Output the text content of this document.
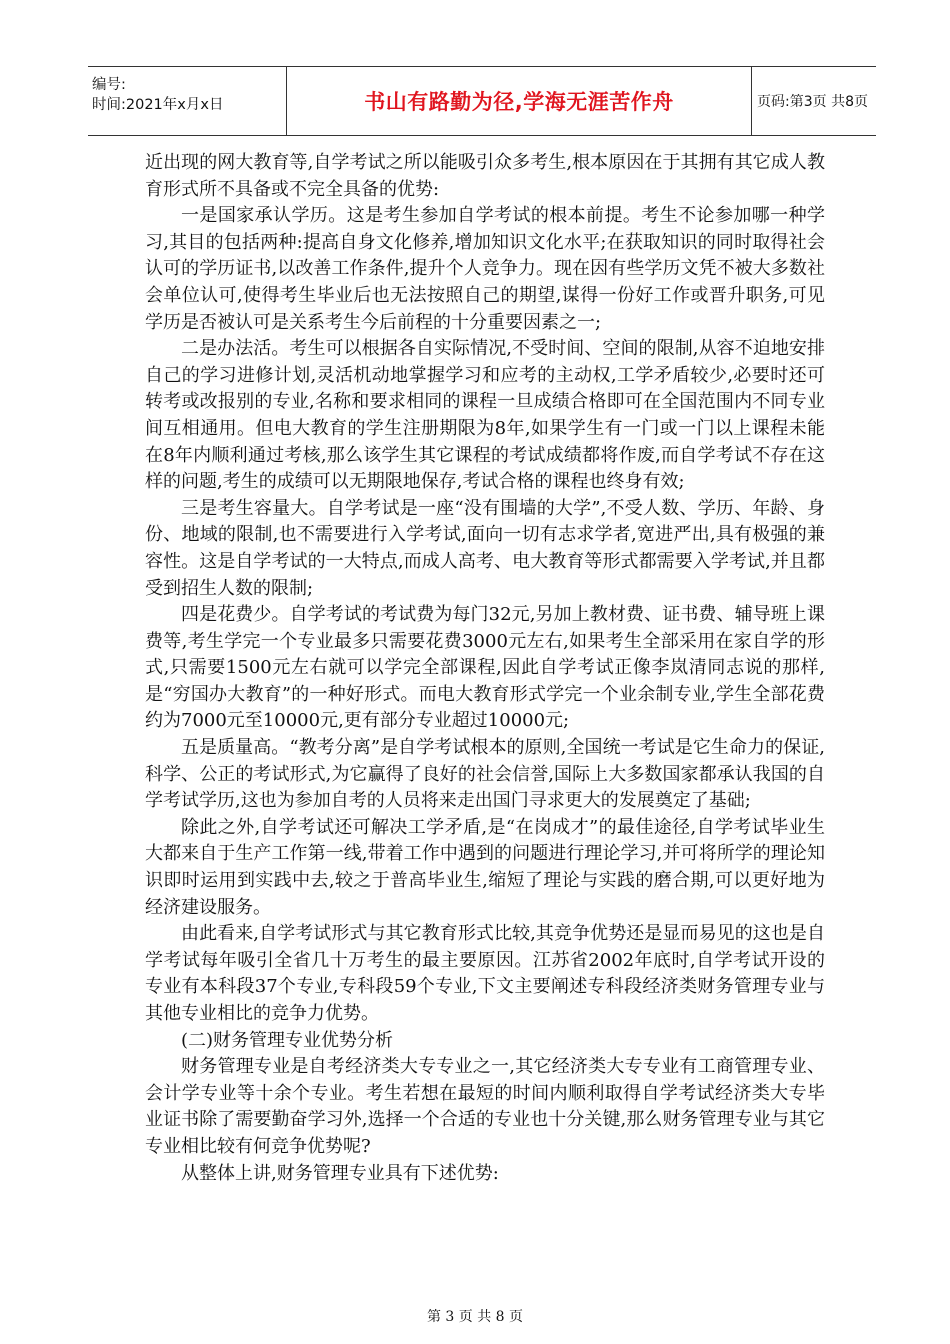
编号:
时间:2021年x月x日	书山有路勤为径,学海无涯苦作舟	页码:第3页 共8页

近出现的网大教育等,自学考试之所以能吸引众多考生,根本原因在于其拥有其它成人教育形式所不具备或不完全具备的优势:

一是国家承认学历。这是考生参加自学考试的根本前提。考生不论参加哪一种学习,其目的包括两种:提高自身文化修养,增加知识文化水平;在获取知识的同时取得社会认可的学历证书,以改善工作条件,提升个人竞争力。现在因有些学历文凭不被大多数社会单位认可,使得考生毕业后也无法按照自己的期望,谋得一份好工作或晋升职务,可见学历是否被认可是关系考生今后前程的十分重要因素之一;

二是办法活。考生可以根据各自实际情况,不受时间、空间的限制,从容不迫地安排自己的学习进修计划,灵活机动地掌握学习和应考的主动权,工学矛盾较少,必要时还可转考或改报别的专业,名称和要求相同的课程一旦成绩合格即可在全国范围内不同专业间互相通用。但电大教育的学生注册期限为8年,如果学生有一门或一门以上课程未能在8年内顺利通过考核,那么该学生其它课程的考试成绩都将作废,而自学考试不存在这样的问题,考生的成绩可以无期限地保存,考试合格的课程也终身有效;

三是考生容量大。自学考试是一座“没有围墙的大学”,不受人数、学历、年龄、身份、地域的限制,也不需要进行入学考试,面向一切有志求学者,宽进严出,具有极强的兼容性。这是自学考试的一大特点,而成人高考、电大教育等形式都需要入学考试,并且都受到招生人数的限制;

四是花费少。自学考试的考试费为每门32元,另加上教材费、证书费、辅导班上课费等,考生学完一个专业最多只需要花费3000元左右,如果考生全部采用在家自学的形式,只需要1500元左右就可以学完全部课程,因此自学考试正像李岚清同志说的那样,是“穷国办大教育”的一种好形式。而电大教育形式学完一个业余制专业,学生全部花费约为7000元至10000元,更有部分专业超过10000元;

五是质量高。“教考分离”是自学考试根本的原则,全国统一考试是它生命力的保证,科学、公正的考试形式,为它赢得了良好的社会信誉,国际上大多数国家都承认我国的自学考试学历,这也为参加自考的人员将来走出国门寻求更大的发展奠定了基础;

除此之外,自学考试还可解决工学矛盾,是“在岗成才”的最佳途径,自学考试毕业生大都来自于生产工作第一线,带着工作中遇到的问题进行理论学习,并可将所学的理论知识即时运用到实践中去,较之于普高毕业生,缩短了理论与实践的磨合期,可以更好地为经济建设服务。

由此看来,自学考试形式与其它教育形式比较,其竞争优势还是显而易见的这也是自学考试每年吸引全省几十万考生的最主要原因。江苏省2002年底时,自学考试开设的专业有本科段37个专业,专科段59个专业,下文主要阐述专科段经济类财务管理专业与其他专业相比的竞争力优势。

(二)财务管理专业优势分析

财务管理专业是自考经济类大专专业之一,其它经济类大专专业有工商管理专业、会计学专业等十余个专业。考生若想在最短的时间内顺利取得自学考试经济类大专毕业证书除了需要勤奋学习外,选择一个合适的专业也十分关键,那么财务管理专业与其它专业相比较有何竞争优势呢?

从整体上讲,财务管理专业具有下述优势:

第 3 页 共 8 页
